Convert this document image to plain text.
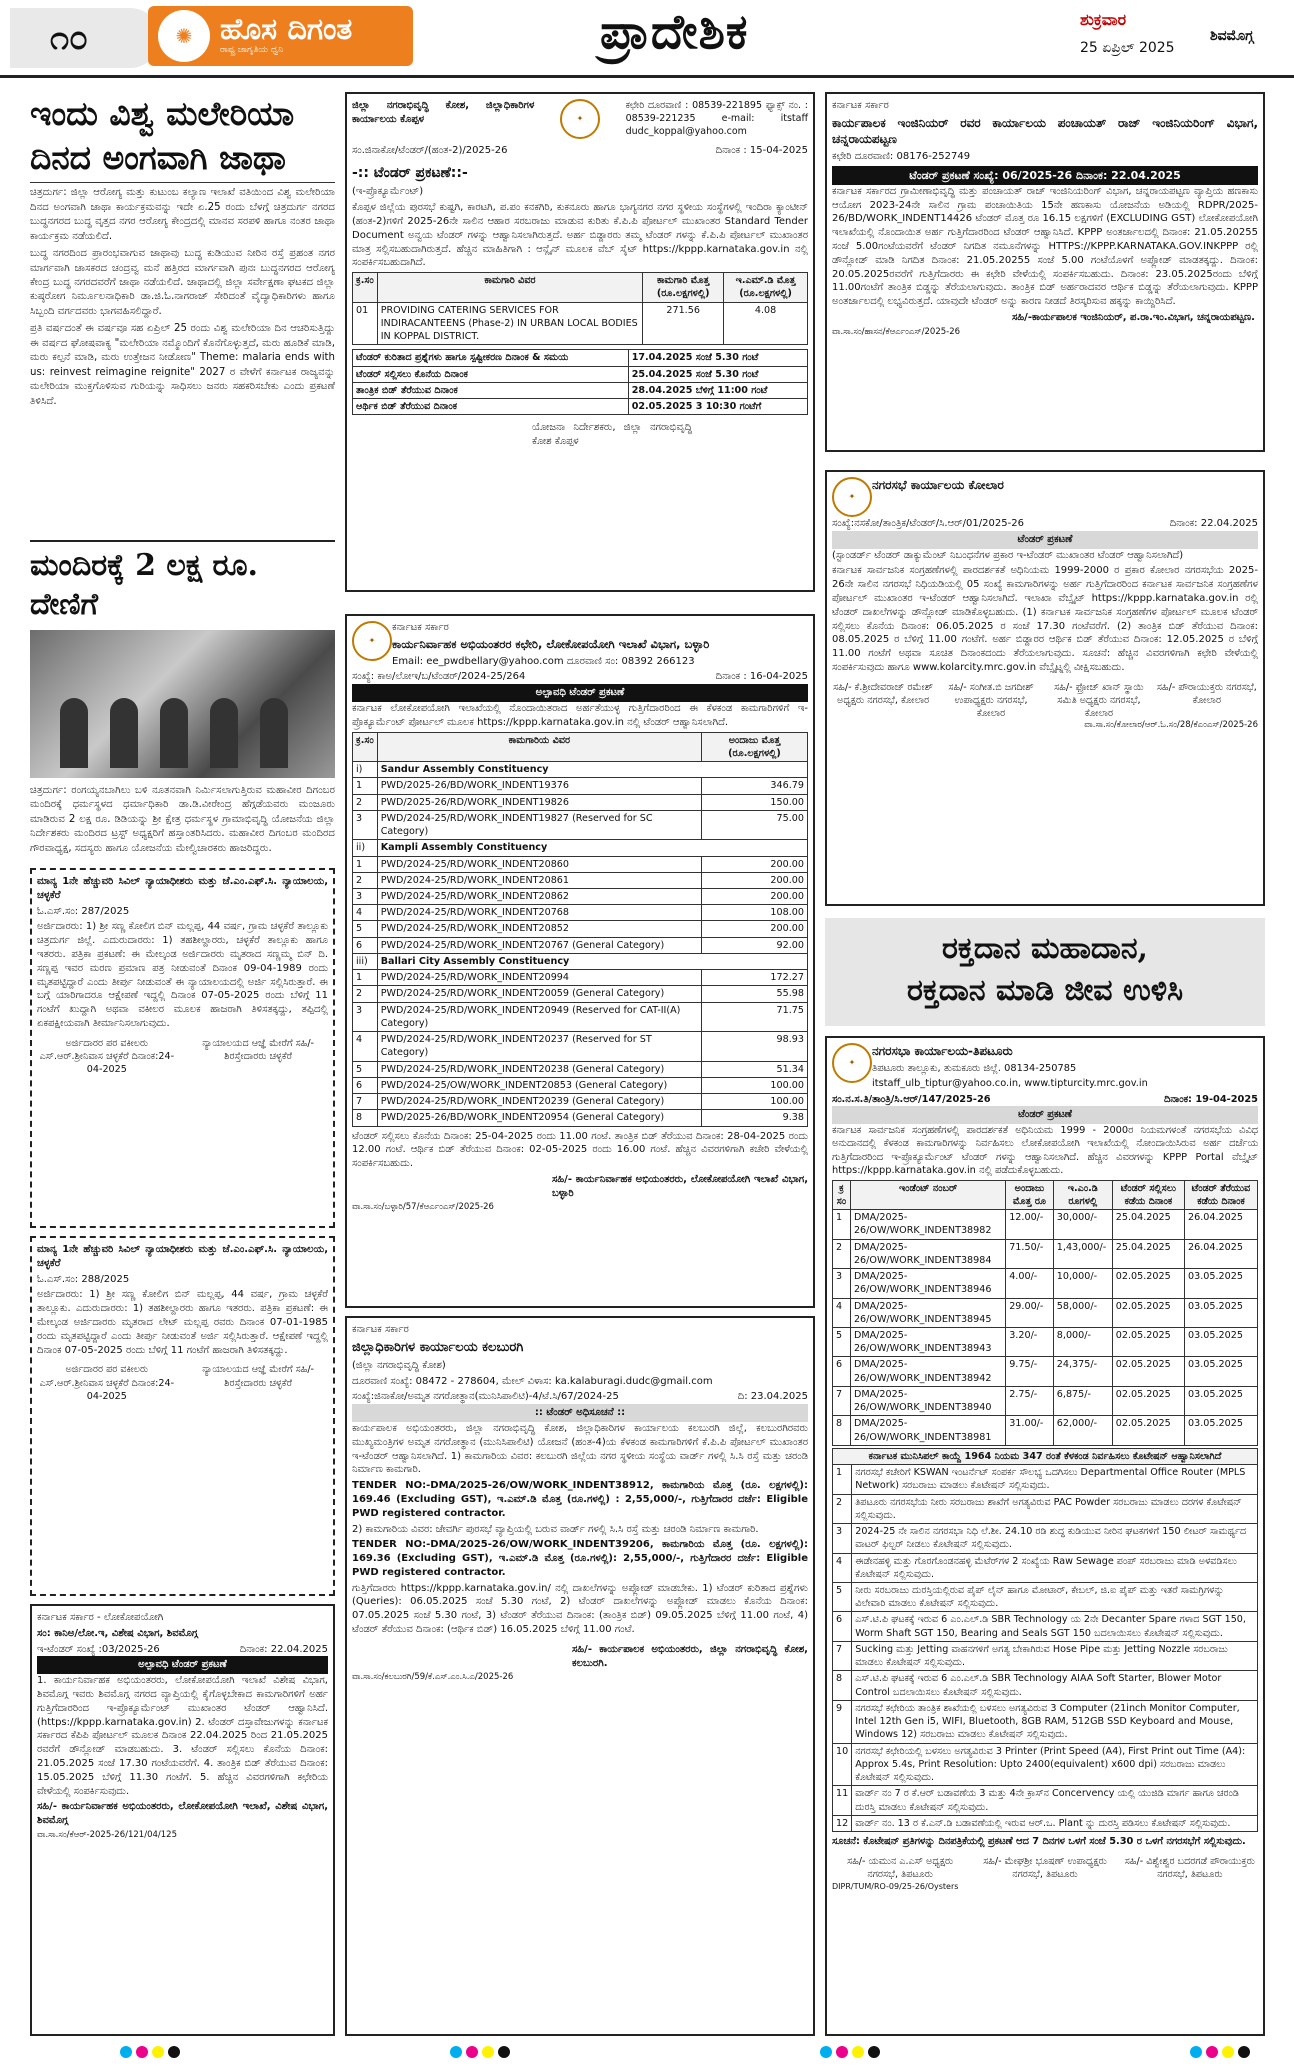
೧೦	ಹೊಸ ದಿಗಂತ
ರಾಷ್ಟ್ರ ಜಾಗೃತಿಯ ಧ್ವನಿ
✺	ಪ್ರಾದೇಶಿಕ	ಶುಕ್ರವಾರ
25 ಏಪ್ರಿಲ್ 2025
ಶಿವಮೊಗ್ಗ
ಇಂದು ವಿಶ್ವ ಮಲೇರಿಯಾ ದಿನದ ಅಂಗವಾಗಿ ಜಾಥಾ

ಚಿತ್ರದುರ್ಗ: ಜಿಲ್ಲಾ ಆರೋಗ್ಯ ಮತ್ತು ಕುಟುಂಬ ಕಲ್ಯಾಣ ಇಲಾಖೆ ವತಿಯಿಂದ ವಿಶ್ವ ಮಲೇರಿಯಾ ದಿನದ ಅಂಗವಾಗಿ ಜಾಥಾ ಕಾರ್ಯಕ್ರಮವನ್ನು ಇದೇ ಏ.25 ರಂದು ಬೆಳಗ್ಗೆ ಚಿತ್ರದುರ್ಗ ನಗರದ ಬುದ್ಧನಗರದ ಬುದ್ಧ ವೃತ್ತದ ನಗರ ಆರೋಗ್ಯ ಕೇಂದ್ರದಲ್ಲಿ ಮಾನವ ಸರಪಳಿ ಹಾಗೂ ನಂತರ ಜಾಥಾ ಕಾರ್ಯಕ್ರಮ ನಡೆಯಲಿದೆ.

ಬುದ್ಧ ನಗರದಿಂದ ಪ್ರಾರಂಭವಾಗುವ ಜಾಥಾವು ಬುದ್ಧ ಕುಡಿಯುವ ನೀರಿನ ರಸ್ತೆ ಪ್ರಹಂತ ನಗರ ಮಾರ್ಗವಾಗಿ ಜಾಸಕರದ ಚಂದ್ರವ್ವ ಮನೆ ಹತ್ತಿರದ ಮಾರ್ಗವಾಗಿ ಪುನಃ ಬುದ್ಧನಗರದ ಆರೋಗ್ಯ ಕೇಂದ್ರ ಬುದ್ಧ ನಗರದವರೆಗೆ ಜಾಥಾ ನಡೆಯಲಿದೆ. ಜಾಥಾದಲ್ಲಿ ಜಿಲ್ಲಾ ಸರ್ವೇಕ್ಷಣಾ ಘಟಕದ ಜಿಲ್ಲಾ ಕುಷ್ಠರೋಗ ನಿರ್ಮೂಲನಾಧಿಕಾರಿ ಡಾ.ಜಿ.ಓ.ನಾಗರಾಜ್ ಸೇರಿದಂತೆ ವೈದ್ಯಾಧಿಕಾರಿಗಳು ಹಾಗೂ ಸಿಬ್ಬಂದಿ ವರ್ಗದವರು ಭಾಗವಹಿಸಲಿದ್ದಾರೆ.

ಪ್ರತಿ ವರ್ಷದಂತೆ ಈ ವರ್ಷವೂ ಸಹ ಏಪ್ರಿಲ್ 25 ರಂದು ವಿಶ್ವ ಮಲೇರಿಯಾ ದಿನ ಆಚರಿಸುತ್ತಿದ್ದು ಈ ವರ್ಷದ ಘೋಷವಾಕ್ಯ "ಮಲೇರಿಯಾ ನಮ್ಮೊಂದಿಗೆ ಕೊನೆಗೊಳ್ಳುತ್ತದೆ, ಮರು ಹೂಡಿಕೆ ಮಾಡಿ, ಮರು ಕಲ್ಪನೆ ಮಾಡಿ, ಮರು ಉತ್ತೇಜನ ನೀಡೋಣ" Theme: malaria ends with us: reinvest reimagine reignite" 2027 ರ ವೇಳೆಗೆ ಕರ್ನಾಟಕ ರಾಜ್ಯವನ್ನು ಮಲೇರಿಯಾ ಮುಕ್ತಗೊಳಿಸುವ ಗುರಿಯನ್ನು ಸಾಧಿಸಲು ಜನರು ಸಹಕರಿಸಬೇಕು ಎಂದು ಪ್ರಕಟಣೆ ತಿಳಿಸಿದೆ.

ಮಂದಿರಕ್ಕೆ 2 ಲಕ್ಷ ರೂ. ದೇಣಿಗೆ

ಚಿತ್ರದುರ್ಗ: ರಂಗಯ್ಯನಬಾಗಿಲು ಬಳಿ ನೂತನವಾಗಿ ನಿರ್ಮಿಸಲಾಗುತ್ತಿರುವ ಮಹಾವೀರ ದಿಗಂಬರ ಮಂದಿರಕ್ಕೆ ಧರ್ಮಸ್ಥಳದ ಧರ್ಮಾಧಿಕಾರಿ ಡಾ.ಡಿ.ವೀರೇಂದ್ರ ಹೆಗ್ಗಡೆಯವರು ಮಂಜೂರು ಮಾಡಿರುವ 2 ಲಕ್ಷ ರೂ. ಡಿಡಿಯನ್ನು ಶ್ರೀ ಕ್ಷೇತ್ರ ಧರ್ಮಸ್ಥಳ ಗ್ರಾಮಾಭಿವೃದ್ಧಿ ಯೋಜನೆಯ ಜಿಲ್ಲಾ ನಿರ್ದೇಶಕರು ಮಂದಿರದ ಟ್ರಸ್ಟ್ ಅಧ್ಯಕ್ಷರಿಗೆ ಹಸ್ತಾಂತರಿಸಿದರು. ಮಹಾವೀರ ದಿಗಂಬರ ಮಂದಿರದ ಗೌರವಾಧ್ಯಕ್ಷ, ಸದಸ್ಯರು ಹಾಗೂ ಯೋಜನೆಯ ಮೇಲ್ವಿಚಾರಕರು ಹಾಜರಿದ್ದರು.

ಮಾನ್ಯ 1ನೇ ಹೆಚ್ಚುವರಿ ಸಿವಿಲ್ ನ್ಯಾಯಾಧೀಶರು ಮತ್ತು ಜೆ.ಎಂ.ಎಫ್.ಸಿ. ನ್ಯಾಯಾಲಯ, ಚಳ್ಳಕೆರೆ

ಓ.ಎಸ್.ಸಂ: 287/2025

ಅರ್ಜಿದಾರರು: 1) ಶ್ರೀ ಸಣ್ಣ ಕೋಲಿಗ ಬಿನ್ ಮಲ್ಲಪ್ಪ, 44 ವರ್ಷ, ಗ್ರಾಮ ಚಳ್ಳಕೆರೆ ತಾಲ್ಲೂಕು ಚಿತ್ರದುರ್ಗ ಜಿಲ್ಲೆ. ಎದುರುದಾರರು: 1) ತಹಶೀಲ್ದಾರರು, ಚಳ್ಳಕೆರೆ ತಾಲ್ಲೂಕು ಹಾಗೂ ಇತರರು. ಪತ್ರಿಕಾ ಪ್ರಕಟಣೆ: ಈ ಮೇಲ್ಕಂಡ ಅರ್ಜಿದಾರರು ಮೃತರಾದ ಸಣ್ಣಮ್ಮ ಬಿನ್ ದಿ. ಸಣ್ಣಪ್ಪ ಇವರ ಮರಣ ಪ್ರಮಾಣ ಪತ್ರ ನೀಡುವಂತೆ ದಿನಾಂಕ 09-04-1989 ರಂದು ಮೃತಪಟ್ಟಿದ್ದಾರೆ ಎಂದು ತೀರ್ಪು ನೀಡುವಂತೆ ಈ ನ್ಯಾಯಾಲಯದಲ್ಲಿ ಅರ್ಜಿ ಸಲ್ಲಿಸಿರುತ್ತಾರೆ. ಈ ಬಗ್ಗೆ ಯಾರಿಗಾದರೂ ಆಕ್ಷೇಪಣೆ ಇದ್ದಲ್ಲಿ ದಿನಾಂಕ 07-05-2025 ರಂದು ಬೆಳಿಗ್ಗೆ 11 ಗಂಟೆಗೆ ಖುದ್ದಾಗಿ ಅಥವಾ ವಕೀಲರ ಮೂಲಕ ಹಾಜರಾಗಿ ತಿಳಿಸತಕ್ಕದ್ದು, ತಪ್ಪಿದಲ್ಲಿ ಏಕಪಕ್ಷೀಯವಾಗಿ ತೀರ್ಮಾನಿಸಲಾಗುವುದು.

ಅರ್ಜಿದಾರರ ಪರ ವಕೀಲರು ಎಸ್.ಆರ್.ಶ್ರೀನಿವಾಸ ಚಳ್ಳಕೆರೆ ದಿನಾಂಕ:24-04-2025
ನ್ಯಾಯಾಲಯದ ಆಜ್ಞೆ ಮೇರೆಗೆ ಸಹಿ/- ಶಿರಸ್ತೇದಾರರು ಚಳ್ಳಕೆರೆ

ಮಾನ್ಯ 1ನೇ ಹೆಚ್ಚುವರಿ ಸಿವಿಲ್ ನ್ಯಾಯಾಧೀಶರು ಮತ್ತು ಜೆ.ಎಂ.ಎಫ್.ಸಿ. ನ್ಯಾಯಾಲಯ, ಚಳ್ಳಕೆರೆ

ಓ.ಎಸ್.ಸಂ: 288/2025

ಅರ್ಜಿದಾರರು: 1) ಶ್ರೀ ಸಣ್ಣ ಕೋಲಿಗ ಬಿನ್ ಮಲ್ಲಪ್ಪ, 44 ವರ್ಷ, ಗ್ರಾಮ ಚಳ್ಳಕೆರೆ ತಾಲ್ಲೂಕು. ಎದುರುದಾರರು: 1) ತಹಶೀಲ್ದಾರರು ಹಾಗೂ ಇತರರು. ಪತ್ರಿಕಾ ಪ್ರಕಟಣೆ: ಈ ಮೇಲ್ಕಂಡ ಅರ್ಜಿದಾರರು ಮೃತರಾದ ಲೇಟ್ ಮಲ್ಲಪ್ಪ ರವರು ದಿನಾಂಕ 07-01-1985 ರಂದು ಮೃತಪಟ್ಟಿದ್ದಾರೆ ಎಂದು ತೀರ್ಪು ನೀಡುವಂತೆ ಅರ್ಜಿ ಸಲ್ಲಿಸಿರುತ್ತಾರೆ. ಆಕ್ಷೇಪಣೆ ಇದ್ದಲ್ಲಿ ದಿನಾಂಕ 07-05-2025 ರಂದು ಬೆಳಿಗ್ಗೆ 11 ಗಂಟೆಗೆ ಹಾಜರಾಗಿ ತಿಳಿಸತಕ್ಕದ್ದು.

ಅರ್ಜಿದಾರರ ಪರ ವಕೀಲರು ಎಸ್.ಆರ್.ಶ್ರೀನಿವಾಸ ಚಳ್ಳಕೆರೆ ದಿನಾಂಕ:24-04-2025
ನ್ಯಾಯಾಲಯದ ಆಜ್ಞೆ ಮೇರೆಗೆ ಸಹಿ/- ಶಿರಸ್ತೇದಾರರು ಚಳ್ಳಕೆರೆ

ಕರ್ನಾಟಕ ಸರ್ಕಾರ - ಲೋಕೋಪಯೋಗಿ

ಸಂ: ಕಾನಿಅ/ಲೋ.ಇ, ವಿಶೇಷ ವಿಭಾಗ, ಶಿವಮೊಗ್ಗ

ಇ-ಟೆಂಡರ್ ಸಂಖ್ಯೆ :03/2025-26	ದಿನಾಂಕ: 22.04.2025
ಅಲ್ಪಾವಧಿ ಟೆಂಡರ್ ಪ್ರಕಟಣೆ

1. ಕಾರ್ಯನಿರ್ವಾಹಕ ಅಭಿಯಂತರರು, ಲೋಕೋಪಯೋಗಿ ಇಲಾಖೆ ವಿಶೇಷ ವಿಭಾಗ, ಶಿವಮೊಗ್ಗ ಇವರು ಶಿವಮೊಗ್ಗ ನಗರದ ವ್ಯಾಪ್ತಿಯಲ್ಲಿ ಕೈಗೊಳ್ಳಬೇಕಾದ ಕಾಮಗಾರಿಗಳಿಗೆ ಅರ್ಹ ಗುತ್ತಿಗೆದಾರರಿಂದ ಇ-ಪ್ರೊಕ್ಯೂರ್ಮೆಂಟ್ ಮುಖಾಂತರ ಟೆಂಡರ್ ಆಹ್ವಾನಿಸಿದೆ. (https://kppp.karnataka.gov.in) 2. ಟೆಂಡರ್ ದಸ್ತಾವೇಜುಗಳನ್ನು ಕರ್ನಾಟಕ ಸರ್ಕಾರದ ಕೆಪಿಪಿ ಪೋರ್ಟಲ್ ಮೂಲಕ ದಿನಾಂಕ 22.04.2025 ರಿಂದ 21.05.2025 ರವರೆಗೆ ಡೌನ್ಲೋಡ್ ಮಾಡಬಹುದು. 3. ಟೆಂಡರ್ ಸಲ್ಲಿಸಲು ಕೊನೆಯ ದಿನಾಂಕ: 21.05.2025 ಸಂಜೆ 17.30 ಗಂಟೆಯವರೆಗೆ. 4. ತಾಂತ್ರಿಕ ಬಿಡ್ ತೆರೆಯುವ ದಿನಾಂಕ: 15.05.2025 ಬೆಳಿಗ್ಗೆ 11.30 ಗಂಟೆಗೆ. 5. ಹೆಚ್ಚಿನ ವಿವರಗಳಿಗಾಗಿ ಕಛೇರಿಯ ವೇಳೆಯಲ್ಲಿ ಸಂಪರ್ಕಿಸುವುದು.

ಸಹಿ/- ಕಾರ್ಯನಿರ್ವಾಹಕ ಅಭಿಯಂತರರು, ಲೋಕೋಪಯೋಗಿ ಇಲಾಖೆ, ವಿಶೇಷ ವಿಭಾಗ, ಶಿವಮೊಗ್ಗ

ವಾ.ಸಾ.ಸಂ/ಕೆಆರ್-2025-26/121/04/125

ಜಿಲ್ಲಾ ನಗರಾಭಿವೃದ್ಧಿ ಕೋಶ, ಜಿಲ್ಲಾಧಿಕಾರಿಗಳ ಕಾರ್ಯಾಲಯ ಕೊಪ್ಪಳ	✦

ಕಛೇರಿ ದೂರವಾಣಿ : 08539-221895 ಫ್ಯಾಕ್ಸ್ ನಂ. : 08539-221235 e-mail: itstaff dudc_koppal@yahoo.com

ಸಂ.ಜಿನಾಕೋ/ಟೆಂಡರ್/(ಹಂತ-2)/2025-26	ದಿನಾಂಕ : 15-04-2025

-:: ಟೆಂಡರ್ ಪ್ರಕಟಣೆ::-

(ಇ-ಪ್ರೊಕ್ಯೂರ್ಮೆಂಟ್)

ಕೊಪ್ಪಳ ಜಿಲ್ಲೆಯ ಪುರಸಭೆ ಕುಷ್ಟಗಿ, ಕಾರಟಗಿ, ಪ.ಪಂ ಕನಕಗಿರಿ, ಕುಕನೂರು ಹಾಗೂ ಭಾಗ್ಯನಗರ ನಗರ ಸ್ಥಳೀಯ ಸಂಸ್ಥೆಗಳಲ್ಲಿ ಇಂದಿರಾ ಕ್ಯಾಂಟೀನ್ (ಹಂತ-2)ಗಳಿಗೆ 2025-26ನೇ ಸಾಲಿನ ಆಹಾರ ಸರಬರಾಜು ಮಾಡುವ ಕುರಿತು ಕೆ.ಪಿ.ಪಿ ಪೋರ್ಟಲ್ ಮುಖಾಂತರ Standard Tender Document ಅನ್ವಯ ಟೆಂಡರ್ ಗಳನ್ನು ಆಹ್ವಾನಿಸಲಾಗಿರುತ್ತದೆ. ಅರ್ಹ ಬಿಡ್ದಾರರು ತಮ್ಮ ಟೆಂಡರ್ ಗಳನ್ನು ಕೆ.ಪಿ.ಪಿ ಪೋರ್ಟಲ್ ಮುಖಾಂತರ ಮಾತ್ರ ಸಲ್ಲಿಸಬಹುದಾಗಿರುತ್ತದೆ. ಹೆಚ್ಚಿನ ಮಾಹಿತಿಗಾಗಿ : ಆನ್ಲೈನ್ ಮೂಲಕ ವೆಬ್ ಸೈಟ್ https://kppp.karnataka.gov.in ನಲ್ಲಿ ಸಂಪರ್ಕಿಸಬಹುದಾಗಿದೆ.

ಕ್ರ.ಸಂ	ಕಾಮಗಾರಿ ವಿವರ	ಕಾಮಗಾರಿ ಮೊತ್ತ (ರೂ.ಲಕ್ಷಗಳಲ್ಲಿ)	ಇ.ಎಮ್.ಡಿ ಮೊತ್ತ (ರೂ.ಲಕ್ಷಗಳಲ್ಲಿ)
01	PROVIDING CATERING SERVICES FOR INDIRACANTEENS (Phase-2) IN URBAN LOCAL BODIES IN KOPPAL DISTRICT.	271.56	4.08
ಟೆಂಡರ್ ಕುರಿತಾದ ಪ್ರಶ್ನೆಗಳು ಹಾಗೂ ಸ್ಪಷ್ಟೀಕರಣ ದಿನಾಂಕ & ಸಮಯ	17.04.2025 ಸಂಜೆ 5.30 ಗಂಟೆ
ಟೆಂಡರ್ ಸಲ್ಲಿಸಲು ಕೊನೆಯ ದಿನಾಂಕ	25.04.2025 ಸಂಜೆ 5.30 ಗಂಟೆ
ತಾಂತ್ರಿಕ ಬಿಡ್ ತೆರೆಯುವ ದಿನಾಂಕ	28.04.2025 ಬೆಳಿಗ್ಗೆ 11:00 ಗಂಟೆ
ಆರ್ಥಿಕ ಬಿಡ್ ತೆರೆಯುವ ದಿನಾಂಕ	02.05.2025 3 10:30 ಗಂಟೆಗೆ

ಯೋಜನಾ ನಿರ್ದೇಶಕರು, ಜಿಲ್ಲಾ ನಗರಾಭಿವೃದ್ಧಿ ಕೋಶ ಕೊಪ್ಪಳ

✦

ಕರ್ನಾಟಕ ಸರ್ಕಾರ

ಕಾರ್ಯನಿರ್ವಾಹಕ ಅಭಿಯಂತರರ ಕಛೇರಿ, ಲೋಕೋಪಯೋಗಿ ಇಲಾಖೆ ವಿಭಾಗ, ಬಳ್ಳಾರಿ

Email: ee_pwdbellary@yahoo.com ದೂರವಾಣಿ ಸಂ: 08392 266123

ಸಂಖ್ಯೆ: ಕಾಅ/ಲೋಇ/ಬ/ಟೆಂಡರ್/2024-25/264	ದಿನಾಂಕ : 16-04-2025
ಅಲ್ಪಾವಧಿ ಟೆಂಡರ್ ಪ್ರಕಟಣೆ

ಕರ್ನಾಟಕ ಲೋಕೋಪಯೋಗಿ ಇಲಾಖೆಯಲ್ಲಿ ನೊಂದಾಯಿತರಾದ ಅರ್ಹತೆಯುಳ್ಳ ಗುತ್ತಿಗೆದಾರರಿಂದ ಈ ಕೆಳಕಂಡ ಕಾಮಗಾರಿಗಳಿಗೆ ಇ-ಪ್ರೊಕ್ಯೂರ್ಮೆಂಟ್ ಪೋರ್ಟಲ್ ಮೂಲಕ https://kppp.karnataka.gov.in ನಲ್ಲಿ ಟೆಂಡರ್ ಆಹ್ವಾನಿಸಲಾಗಿದೆ.

ಕ್ರ.ಸಂ	ಕಾಮಗಾರಿಯ ವಿವರ	ಅಂದಾಜು ಮೊತ್ತ (ರೂ.ಲಕ್ಷಗಳಲ್ಲಿ)
i)	Sandur Assembly Constituency	
1	PWD/2025-26/BD/WORK_INDENT19376	346.79
2	PWD/2025-26/RD/WORK_INDENT19826	150.00
3	PWD/2024-25/RD/WORK_INDENT19827 (Reserved for SC Category)	75.00
ii)	Kampli Assembly Constituency	
1	PWD/2024-25/RD/WORK_INDENT20860	200.00
2	PWD/2024-25/RD/WORK_INDENT20861	200.00
3	PWD/2024-25/RD/WORK_INDENT20862	200.00
4	PWD/2024-25/RD/WORK_INDENT20768	108.00
5	PWD/2024-25/RD/WORK_INDENT20852	200.00
6	PWD/2024-25/RD/WORK_INDENT20767 (General Category)	92.00
iii)	Ballari City Assembly Constituency	
1	PWD/2024-25/RD/WORK_INDENT20994	172.27
2	PWD/2024-25/RD/WORK_INDENT20059 (General Category)	55.98
3	PWD/2024-25/RD/WORK_INDENT20949 (Reserved for CAT-II(A) Category)	71.75
4	PWD/2024-25/RD/WORK_INDENT20237 (Reserved for ST Category)	98.93
5	PWD/2024-25/RD/WORK_INDENT20238 (General Category)	51.34
6	PWD/2024-25/OW/WORK_INDENT20853 (General Category)	100.00
7	PWD/2024-25/RD/WORK_INDENT20239 (General Category)	100.00
8	PWD/2025-26/BD/WORK_INDENT20954 (General Category)	9.38

ಟೆಂಡರ್ ಸಲ್ಲಿಸಲು ಕೊನೆಯ ದಿನಾಂಕ: 25-04-2025 ರಂದು 11.00 ಗಂಟೆ. ತಾಂತ್ರಿಕ ಬಿಡ್ ತೆರೆಯುವ ದಿನಾಂಕ: 28-04-2025 ರಂದು 12.00 ಗಂಟೆ. ಆರ್ಥಿಕ ಬಿಡ್ ತೆರೆಯುವ ದಿನಾಂಕ: 02-05-2025 ರಂದು 16.00 ಗಂಟೆ. ಹೆಚ್ಚಿನ ವಿವರಗಳಿಗಾಗಿ ಕಚೇರಿ ವೇಳೆಯಲ್ಲಿ ಸಂಪರ್ಕಿಸಬಹುದು.

ಸಹಿ/- ಕಾರ್ಯನಿರ್ವಾಹಕ ಅಭಿಯಂತರರು, ಲೋಕೋಪಯೋಗಿ ಇಲಾಖೆ ವಿಭಾಗ, ಬಳ್ಳಾರಿ

ವಾ.ಸಾ.ಸಂ/ಬಳ್ಳಾರಿ/57/ಕೆಆರ್ಎಂಎಸ್/2025-26

ಕರ್ನಾಟಕ ಸರ್ಕಾರ

ಜಿಲ್ಲಾಧಿಕಾರಿಗಳ ಕಾರ್ಯಾಲಯ ಕಲಬುರಗಿ

(ಜಿಲ್ಲಾ ನಗರಾಭಿವೃದ್ಧಿ ಕೋಶ)

ದೂರವಾಣಿ ಸಂಖ್ಯೆ: 08472 - 278604, ಮೇಲ್ ವಿಳಾಸ: ka.kalaburagi.dudc@gmail.com

ಸಂಖ್ಯೆ:ಜಿನಾಕೋ/ಅಮೃತ ನಗರೋತ್ಥಾನ(ಮುನಿಸಿಪಾಲಿಟಿ)-4/ಟೆ.ಸಿ/67/2024-25	ದಿ: 23.04.2025
:: ಟೆಂಡರ್ ಅಧಿಸೂಚನೆ ::

ಕಾರ್ಯಪಾಲಕ ಅಭಿಯಂತರರು, ಜಿಲ್ಲಾ ನಗರಾಭಿವೃದ್ಧಿ ಕೋಶ, ಜಿಲ್ಲಾಧಿಕಾರಿಗಳ ಕಾರ್ಯಾಲಯ ಕಲಬುರಗಿ ಜಿಲ್ಲೆ, ಕಲಬುರಗಿರವರು ಮುಖ್ಯಮಂತ್ರಿಗಳ ಅಮೃತ ನಗರೋತ್ಥಾನ (ಮುನಿಸಿಪಾಲಿಟಿ) ಯೋಜನೆ (ಹಂತ-4)ಯ ಕೆಳಕಂಡ ಕಾಮಗಾರಿಗಳಿಗೆ ಕೆ.ಪಿ.ಪಿ ಪೋರ್ಟಲ್ ಮುಖಾಂತರ ಇ-ಟೆಂಡರ್ ಆಹ್ವಾನಿಸಲಾಗಿದೆ. 1) ಕಾಮಗಾರಿಯ ವಿವರ: ಕಲಬುರಗಿ ಜಿಲ್ಲೆಯ ನಗರ ಸ್ಥಳೀಯ ಸಂಸ್ಥೆಯ ವಾರ್ಡ್ ಗಳಲ್ಲಿ ಸಿ.ಸಿ ರಸ್ತೆ ಮತ್ತು ಚರಂಡಿ ನಿರ್ಮಾಣ ಕಾಮಗಾರಿ.

TENDER NO:-DMA/2025-26/OW/WORK_INDENT38912, ಕಾಮಗಾರಿಯ ಮೊತ್ತ (ರೂ. ಲಕ್ಷಗಳಲ್ಲಿ): 169.46 (Excluding GST), ಇ.ಎಮ್.ಡಿ ಮೊತ್ತ (ರೂ.ಗಳಲ್ಲಿ) : 2,55,000/-, ಗುತ್ತಿಗೆದಾರರ ದರ್ಜೆ: Eligible PWD registered contractor.

2) ಕಾಮಗಾರಿಯ ವಿವರ: ಜೇವರ್ಗಿ ಪುರಸಭೆ ವ್ಯಾಪ್ತಿಯಲ್ಲಿ ಬರುವ ವಾರ್ಡ್ ಗಳಲ್ಲಿ ಸಿ.ಸಿ ರಸ್ತೆ ಮತ್ತು ಚರಂಡಿ ನಿರ್ಮಾಣ ಕಾಮಗಾರಿ.

TENDER NO:-DMA/2025-26/OW/WORK_INDENT39206, ಕಾಮಗಾರಿಯ ಮೊತ್ತ (ರೂ. ಲಕ್ಷಗಳಲ್ಲಿ): 169.36 (Excluding GST), ಇ.ಎಮ್.ಡಿ ಮೊತ್ತ (ರೂ.ಗಳಲ್ಲಿ): 2,55,000/-, ಗುತ್ತಿಗೆದಾರರ ದರ್ಜೆ: Eligible PWD registered contractor.

ಗುತ್ತಿಗೆದಾರರು https://kppp.karnataka.gov.in/ ನಲ್ಲಿ ದಾಖಲೆಗಳನ್ನು ಅಪ್ಲೋಡ್ ಮಾಡಬೇಕು. 1) ಟೆಂಡರ್ ಕುರಿತಾದ ಪ್ರಶ್ನೆಗಳು (Queries): 06.05.2025 ಸಂಜೆ 5.30 ಗಂಟೆ, 2) ಟೆಂಡರ್ ದಾಖಲೆಗಳನ್ನು ಅಪ್ಲೋಡ್ ಮಾಡಲು ಕೊನೆಯ ದಿನಾಂಕ: 07.05.2025 ಸಂಜೆ 5.30 ಗಂಟೆ, 3) ಟೆಂಡರ್ ತೆರೆಯುವ ದಿನಾಂಕ: (ತಾಂತ್ರಿಕ ಬಿಡ್) 09.05.2025 ಬೆಳಿಗ್ಗೆ 11.00 ಗಂಟೆ, 4) ಟೆಂಡರ್ ತೆರೆಯುವ ದಿನಾಂಕ: (ಆರ್ಥಿಕ ಬಿಡ್) 16.05.2025 ಬೆಳಿಗ್ಗೆ 11.00 ಗಂಟೆ.

ಸಹಿ/- ಕಾರ್ಯಪಾಲಕ ಅಭಿಯಂತರರು, ಜಿಲ್ಲಾ ನಗರಾಭಿವೃದ್ಧಿ ಕೋಶ, ಕಲಬುರಗಿ.

ವಾ.ಸಾ.ಸಂ/ಕಲಬುರಗಿ/59/ಕೆ.ಎಸ್.ಎಂ.ಸಿ.ಎ/2025-26

ಕರ್ನಾಟಕ ಸರ್ಕಾರ

ಕಾರ್ಯಪಾಲಕ ಇಂಜಿನಿಯರ್ ರವರ ಕಾರ್ಯಾಲಯ ಪಂಚಾಯತ್ ರಾಜ್ ಇಂಜಿನಿಯರಿಂಗ್ ವಿಭಾಗ, ಚನ್ನರಾಯಪಟ್ಟಣ

ಕಛೇರಿ ದೂರವಾಣಿ: 08176-252749

ಟೆಂಡರ್ ಪ್ರಕಟಣೆ ಸಂಖ್ಯೆ: 06/2025-26 ದಿನಾಂಕ: 22.04.2025

ಕರ್ನಾಟಕ ಸರ್ಕಾರದ ಗ್ರಾಮೀಣಾಭಿವೃದ್ಧಿ ಮತ್ತು ಪಂಚಾಯತ್ ರಾಜ್ ಇಂಜಿನಿಯರಿಂಗ್ ವಿಭಾಗ, ಚನ್ನರಾಯಪಟ್ಟಣ ವ್ಯಾಪ್ತಿಯ ಹಣಕಾಸು ಆಯೋಗ 2023-24ನೇ ಸಾಲಿನ ಗ್ರಾಮ ಪಂಚಾಯಿತಿಯ 15ನೇ ಹಣಕಾಸು ಯೋಜನೆಯ ಅಡಿಯಲ್ಲಿ RDPR/2025-26/BD/WORK_INDENT14426 ಟೆಂಡರ್ ಮೊತ್ತ ರೂ 16.15 ಲಕ್ಷಗಳಿಗೆ (EXCLUDING GST) ಲೋಕೋಪಯೋಗಿ ಇಲಾಖೆಯಲ್ಲಿ ನೊಂದಾಯಿತ ಅರ್ಹ ಗುತ್ತಿಗೆದಾರರಿಂದ ಟೆಂಡರ್ ಆಹ್ವಾನಿಸಿದೆ. KPPP ಅಂತರ್ಜಾಲದಲ್ಲಿ ದಿನಾಂಕ: 21.05.20255 ಸಂಜೆ 5.00ಗಂಟೆಯವರೆಗೆ ಟೆಂಡರ್ ನಿಗದಿತ ನಮೂನೆಗಳನ್ನು HTTPS://KPPP.KARNATAKA.GOV.INKPPP ರಲ್ಲಿ ಡೌನ್ಲೋಡ್ ಮಾಡಿ ನಿಗದಿತ ದಿನಾಂಕ: 21.05.20255 ಸಂಜೆ 5.00 ಗಂಟೆಯೊಳಗೆ ಅಪ್ಲೋಡ್ ಮಾಡತಕ್ಕದ್ದು. ದಿನಾಂಕ: 20.05.2025ರವರೆಗೆ ಗುತ್ತಿಗೆದಾರರು ಈ ಕಛೇರಿ ವೇಳೆಯಲ್ಲಿ ಸಂಪರ್ಕಿಸಬಹುದು. ದಿನಾಂಕ: 23.05.2025ರಂದು ಬೆಳಿಗ್ಗೆ 11.00ಗಂಟೆಗೆ ತಾಂತ್ರಿಕ ಬಿಡ್ಡನ್ನು ತೆರೆಯಲಾಗುವುದು. ತಾಂತ್ರಿಕ ಬಿಡ್ ಅರ್ಹರಾದವರ ಆರ್ಥಿಕ ಬಿಡ್ಡನ್ನು ತೆರೆಯಲಾಗುವುದು. KPPP ಅಂತರ್ಜಾಲದಲ್ಲಿ ಲಭ್ಯವಿರುತ್ತದೆ. ಯಾವುದೇ ಟೆಂಡರ್ ಅನ್ನು ಕಾರಣ ನೀಡದೆ ತಿರಸ್ಕರಿಸುವ ಹಕ್ಕನ್ನು ಕಾಯ್ದಿರಿಸಿದೆ.

ಸಹಿ/-ಕಾರ್ಯಪಾಲಕ ಇಂಜಿನಿಯರ್, ಪ.ರಾ.ಇಂ.ವಿಭಾಗ, ಚನ್ನರಾಯಪಟ್ಟಣ.

ವಾ.ಸಾ.ಸಂ/ಹಾಸನ/ಕೆಆರ್ಎಂಎಸ್/2025-26

✦

ನಗರಸಭೆ ಕಾರ್ಯಾಲಯ ಕೋಲಾರ

ಸಂಖ್ಯೆ:ನಸಕೋ/ತಾಂತ್ರಿಕ/ಟೆಂಡರ್/ಸಿ.ಆರ್/01/2025-26	ದಿನಾಂಕ: 22.04.2025
ಟೆಂಡರ್ ಪ್ರಕಟಣೆ

(ಸ್ಟಾಂಡರ್ಡ್ ಟೆಂಡರ್ ಡಾಕ್ಯುಮೆಂಟ್ ನಿಬಂಧನೆಗಳ ಪ್ರಕಾರ ಇ-ಟೆಂಡರ್ ಮುಖಾಂತರ ಟೆಂಡರ್ ಆಹ್ವಾನಿಸಲಾಗಿದೆ)

ಕರ್ನಾಟಕ ಸಾರ್ವಜನಿಕ ಸಂಗ್ರಹಣೆಗಳಲ್ಲಿ ಪಾರದರ್ಶಕತೆ ಅಧಿನಿಯಮ 1999-2000 ರ ಪ್ರಕಾರ ಕೋಲಾರ ನಗರಸಭೆಯ 2025-26ನೇ ಸಾಲಿನ ನಗರಸಭೆ ನಿಧಿಯಡಿಯಲ್ಲಿ 05 ಸಂಖ್ಯೆ ಕಾಮಗಾರಿಗಳನ್ನು ಅರ್ಹ ಗುತ್ತಿಗೆದಾರರಿಂದ ಕರ್ನಾಟಕ ಸಾರ್ವಜನಿಕ ಸಂಗ್ರಹಣೆಗಳ ಪೋರ್ಟಲ್ ಮುಖಾಂತರ ಇ-ಟೆಂಡರ್ ಆಹ್ವಾನಿಸಲಾಗಿದೆ. ಇಲಾಖಾ ವೆಬ್ಸೈಟ್ https://kppp.karnataka.gov.in ರಲ್ಲಿ ಟೆಂಡರ್ ದಾಖಲೆಗಳನ್ನು ಡೌನ್ಲೋಡ್ ಮಾಡಿಕೊಳ್ಳಬಹುದು. (1) ಕರ್ನಾಟಕ ಸಾರ್ವಜನಿಕ ಸಂಗ್ರಹಣೆಗಳ ಪೋರ್ಟಲ್ ಮೂಲಕ ಟೆಂಡರ್ ಸಲ್ಲಿಸಲು ಕೊನೆಯ ದಿನಾಂಕ: 06.05.2025 ರ ಸಂಜೆ 17.30 ಗಂಟೆವರೆಗೆ. (2) ತಾಂತ್ರಿಕ ಬಿಡ್ ತೆರೆಯುವ ದಿನಾಂಕ: 08.05.2025 ರ ಬೆಳಿಗ್ಗೆ 11.00 ಗಂಟೆಗೆ. ಅರ್ಹ ಬಿಡ್ದಾರರ ಆರ್ಥಿಕ ಬಿಡ್ ತೆರೆಯುವ ದಿನಾಂಕ: 12.05.2025 ರ ಬೆಳಿಗ್ಗೆ 11.00 ಗಂಟೆಗೆ ಅಥವಾ ಸೂಚಿತ ದಿನಾಂಕದಂದು ತೆರೆಯಲಾಗುವುದು. ಸೂಚನೆ: ಹೆಚ್ಚಿನ ವಿವರಗಳಿಗಾಗಿ ಕಛೇರಿ ವೇಳೆಯಲ್ಲಿ ಸಂಪರ್ಕಿಸುವುದು ಹಾಗೂ www.kolarcity.mrc.gov.in ವೆಬ್ಸೈಟ್ನಲ್ಲಿ ವೀಕ್ಷಿಸಬಹುದು.

ಸಹಿ/- ಕೆ.ಶ್ರೀದೇವರಾಜ್ ರಮೇಶ್ ಅಧ್ಯಕ್ಷರು ನಗರಸಭೆ, ಕೋಲಾರ
ಸಹಿ/- ಸಂಗೀತ.ಬಿ ಜಗದೀಶ್ ಉಪಾಧ್ಯಕ್ಷರು ನಗರಸಭೆ, ಕೋಲಾರ
ಸಹಿ/- ಫ್ರೋಜ್ ಖಾನ್ ಸ್ಥಾಯಿ ಸಮಿತಿ ಅಧ್ಯಕ್ಷರು ನಗರಸಭೆ, ಕೋಲಾರ
ಸಹಿ/- ಪೌರಾಯುಕ್ತರು ನಗರಸಭೆ, ಕೋಲಾರ

ವಾ.ಸಾ.ಸಂ/ಕೋಲಾರ/ಆರ್.ಓ.ಸಂ/28/ಕೆಎಂಎಸ್/2025-26

ರಕ್ತದಾನ ಮಹಾದಾನ,
ರಕ್ತದಾನ ಮಾಡಿ ಜೀವ ಉಳಿಸಿ
✦

ನಗರಸಭಾ ಕಾರ್ಯಾಲಯ-ತಿಪಟೂರು

ತಿಪಟೂರು ತಾಲ್ಲೂಕು, ತುಮಕೂರು ಜಿಲ್ಲೆ. 08134-250785

itstaff_ulb_tiptur@yahoo.co.in, www.tipturcity.mrc.gov.in

ಸಂ.ನ.ಸ.ತಿ/ತಾಂತ್ರಿ/ಸಿ.ಆರ್/147/2025-26	ದಿನಾಂಕ: 19-04-2025
ಟೆಂಡರ್ ಪ್ರಕಟಣೆ

ಕರ್ನಾಟಕ ಸಾರ್ವಜನಿಕ ಸಂಗ್ರಹಣೆಗಳಲ್ಲಿ ಪಾರದರ್ಶಕತೆ ಅಧಿನಿಯಮ 1999 - 2000ರ ನಿಯಮಗಳಂತೆ ನಗರಸಭೆಯ ವಿವಿಧ ಅನುದಾನದಲ್ಲಿ ಕೆಳಕಂಡ ಕಾಮಗಾರಿಗಳನ್ನು ನಿರ್ವಹಿಸಲು ಲೋಕೋಪಯೋಗಿ ಇಲಾಖೆಯಲ್ಲಿ ನೋಂದಾಯಿಸಿರುವ ಅರ್ಹ ದರ್ಜೆಯ ಗುತ್ತಿಗೆದಾರರಿಂದ ಇ-ಪ್ರೊಕ್ಯೂರ್ಮೆಂಟ್ ಟೆಂಡರ್ ಗಳನ್ನು ಆಹ್ವಾನಿಸಲಾಗಿದೆ. ಹೆಚ್ಚಿನ ವಿವರಗಳನ್ನು KPPP Portal ವೆಬ್ಸೈಟ್ https://kppp.karnataka.gov.in ನಲ್ಲಿ ಪಡೆದುಕೊಳ್ಳಬಹುದು.

ಕ್ರ ಸಂ	ಇಂಡೆಂಟ್ ನಂಬರ್	ಅಂದಾಜು ಮೊತ್ತ ರೂ	ಇ.ಎಂ.ಡಿ ರೂಗಳಲ್ಲಿ	ಟೆಂಡರ್ ಸಲ್ಲಿಸಲು ಕಡೆಯ ದಿನಾಂಕ	ಟೆಂಡರ್ ತೆರೆಯುವ ಕಡೆಯ ದಿನಾಂಕ
1	DMA/2025-26/OW/WORK_INDENT38982	12.00/-	30,000/-	25.04.2025	26.04.2025
2	DMA/2025-26/OW/WORK_INDENT38984	71.50/-	1,43,000/-	25.04.2025	26.04.2025
3	DMA/2025-26/OW/WORK_INDENT38946	4.00/-	10,000/-	02.05.2025	03.05.2025
4	DMA/2025-26/OW/WORK_INDENT38945	29.00/-	58,000/-	02.05.2025	03.05.2025
5	DMA/2025-26/OW/WORK_INDENT38943	3.20/-	8,000/-	02.05.2025	03.05.2025
6	DMA/2025-26/OW/WORK_INDENT38942	9.75/-	24,375/-	02.05.2025	03.05.2025
7	DMA/2025-26/OW/WORK_INDENT38940	2.75/-	6,875/-	02.05.2025	03.05.2025
8	DMA/2025-26/OW/WORK_INDENT38981	31.00/-	62,000/-	02.05.2025	03.05.2025
ಕರ್ನಾಟಕ ಮುನಿಸಿಪಲ್ ಕಾಯ್ದೆ 1964 ನಿಯಮ 347 ರಂತೆ ಕೆಳಕಂಡ ನಿರ್ವಹಿಸಲು ಕೊಟೇಷನ್ ಆಹ್ವಾನಿಸಲಾಗಿದೆ	
1	ನಗರಸಭೆ ಕಚೇರಿಗೆ KSWAN ಇಂಟರ್ನೆಟ್ ಸಂಪರ್ಕ ಸೌಲಭ್ಯ ಒದಗಿಸಲು Departmental Office Router (MPLS Network) ಸರಬರಾಜು ಮಾಡಲು ಕೊಟೇಷನ್ ಸಲ್ಲಿಸುವುದು.
2	ತಿಪಟೂರು ನಗರಸಭೆಯ ನೀರು ಸರಬರಾಜು ಶಾಖೆಗೆ ಅಗತ್ಯವಿರುವ PAC Powder ಸರಬರಾಜು ಮಾಡಲು ದರಗಳ ಕೊಟೇಷನ್ ಸಲ್ಲಿಸುವುದು.
3	2024-25 ನೇ ಸಾಲಿನ ನಗರಸಭಾ ನಿಧಿ ಲೆ.ಶೀ. 24.10 ರಡಿ ಶುದ್ಧ ಕುಡಿಯುವ ನೀರಿನ ಘಟಕಗಳಿಗೆ 150 ಲೀಟರ್ ಸಾಮರ್ಥ್ಯದ ವಾಟರ್ ಫಿಲ್ಟರ್ ನೀಡಲು ಕೊಟೇಷನ್ ಸಲ್ಲಿಸುವುದು.
4	ಈಡೇನಹಳ್ಳಿ ಮತ್ತು ಗೊರಗೊಂಡನಹಳ್ಳಿ ಮೆಟೆರ್‌ಗಳ 2 ಸಂಖ್ಯೆಯ Raw Sewage ಪಂಪ್ ಸರಬರಾಜು ಮಾಡಿ ಅಳವಡಿಸಲು ಕೊಟೇಷನ್ ಸಲ್ಲಿಸುವುದು.
5	ನೀರು ಸರಬರಾಜು ದುರಸ್ತಿಯಲ್ಲಿರುವ ಪೈಪ್ ಲೈನ್ ಹಾಗೂ ಮೋಟಾರ್, ಕೇಬಲ್, ಜಿ.ಐ ಪೈಪ್ ಮತ್ತು ಇತರೆ ಸಾಮಗ್ರಿಗಳನ್ನು ವಿಲೇವಾರಿ ಮಾಡಲು ಕೊಟೇಷನ್ ಸಲ್ಲಿಸುವುದು.
6	ಎಸ್.ಟಿ.ಪಿ ಘಟಕಕ್ಕೆ ಇರುವ 6 ಎಂ.ಎಲ್.ಡಿ SBR Technology ಯ 2ನೇ Decanter Spare ಗಳಾದ SGT 150, Worm Shaft SGT 150, Bearing and Seals SGT 150 ಬದಲಾಯಿಸಲು ಕೊಟೇಷನ್ ಸಲ್ಲಿಸುವುದು.
7	Sucking ಮತ್ತು Jetting ವಾಹನಗಳಿಗೆ ಅಗತ್ಯ ಬೇಕಾಗಿರುವ Hose Pipe ಮತ್ತು Jetting Nozzle ಸರಬರಾಜು ಮಾಡಲು ಕೊಟೇಷನ್ ಸಲ್ಲಿಸುವುದು.
8	ಎಸ್.ಟಿ.ಪಿ ಘಟಕಕ್ಕೆ ಇರುವ 6 ಎಂ.ಎಲ್.ಡಿ SBR Technology AIAA Soft Starter, Blower Motor Control ಬದಲಾಯಿಸಲು ಕೊಟೇಷನ್ ಸಲ್ಲಿಸುವುದು.
9	ನಗರಸಭೆ ಕಛೇರಿಯ ತಾಂತ್ರಿಕ ಶಾಖೆಯಲ್ಲಿ ಬಳಸಲು ಅಗತ್ಯವಿರುವ 3 Computer (21inch Monitor Computer, Intel 12th Gen i5, WIFI, Bluetooth, 8GB RAM, 512GB SSD Keyboard and Mouse, Windows 12) ಸರಬರಾಜು ಮಾಡಲು ಕೊಟೇಷನ್ ಸಲ್ಲಿಸುವುದು.
10	ನಗರಸಭೆ ಕಛೇರಿಯಲ್ಲಿ ಬಳಸಲು ಅಗತ್ಯವಿರುವ 3 Printer (Print Speed (A4), First Print out Time (A4): Approx 5.4s, Print Resolution: Upto 2400(equivalent) x600 dpi) ಸರಬರಾಜು ಮಾಡಲು ಕೊಟೇಷನ್ ಸಲ್ಲಿಸುವುದು.
11	ವಾರ್ಡ್ ನಂ 7 ರ ಕೆ.ಆರ್ ಬಡಾವಣೆಯ 3 ಮತ್ತು 4ನೇ ಕ್ರಾಸ್‌ನ Concervency ಯಲ್ಲಿ ಯುಜಿಡಿ ಮಾರ್ಗ ಹಾಗೂ ಚರಂಡಿ ದುರಸ್ತಿ ಮಾಡಲು ಕೊಟೇಷನ್ ಸಲ್ಲಿಸುವುದು.
12	ವಾರ್ಡ್ ನಂ. 13 ರ ಕೆ.ಎನ್.ಡಿ ಬಡಾವಣೆಯಲ್ಲಿ ಇರುವ ಆರ್.ಒ. Plant ನ್ನು ದುರಸ್ತಿ ಪಡಿಸಲು ಕೊಟೇಷನ್ ಸಲ್ಲಿಸುವುದು.

ಸೂಚನೆ: ಕೊಟೇಷನ್ ಪ್ರತಿಗಳನ್ನು ದಿನಪತ್ರಿಕೆಯಲ್ಲಿ ಪ್ರಕಟಣೆ ಆದ 7 ದಿನಗಳ ಒಳಗೆ ಸಂಜೆ 5.30 ರ ಒಳಗೆ ನಗರಸಭೆಗೆ ಸಲ್ಲಿಸುವುದು.

ಸಹಿ/- ಯಮುನ ಎ.ಎಸ್ ಅಧ್ಯಕ್ಷರು ನಗರಸಭೆ, ತಿಪಟೂರು
ಸಹಿ/- ಮೇಘಶ್ರೀ ಭೂಷಣ್ ಉಪಾಧ್ಯಕ್ಷರು ನಗರಸಭೆ, ತಿಪಟೂರು
ಸಹಿ/- ವಿಶ್ವೇಶ್ವರ ಬದರಗಡೆ ಪೌರಾಯುಕ್ತರು ನಗರಸಭೆ, ತಿಪಟೂರು

DIPR/TUM/RO-09/25-26/Oysters
